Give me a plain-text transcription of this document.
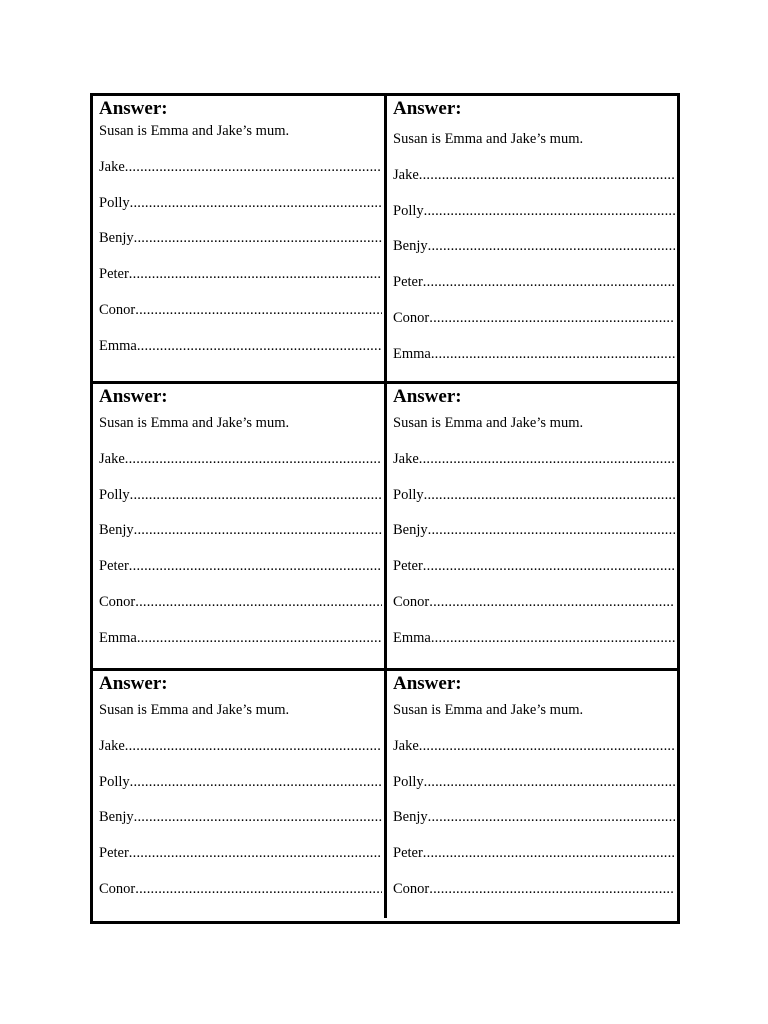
Answer:
Susan is Emma and Jake’s mum.
Jake
.....
Polly
.....
Benjy
.....
Peter
.....
Conor
.....
Emma
.....
Answer:
Susan is Emma and Jake’s mum.
Jake
.....
Polly
.....
Benjy
.....
Peter
.....
Conor
.....
Emma
.....
Answer:
Susan is Emma and Jake’s mum.
Jake
.....
Polly
.....
Benjy
.....
Peter
.....
Conor
.....
Emma
.....
Answer:
Susan is Emma and Jake’s mum.
Jake
.....
Polly
.....
Benjy
.....
Peter
.....
Conor
.....
Emma
.....
Answer:
Susan is Emma and Jake’s mum.
Jake
.....
Polly
.....
Benjy
.....
Peter
.....
Conor
.....
Answer:
Susan is Emma and Jake’s mum.
Jake
.....
Polly
.....
Benjy
.....
Peter
.....
Conor
.....
